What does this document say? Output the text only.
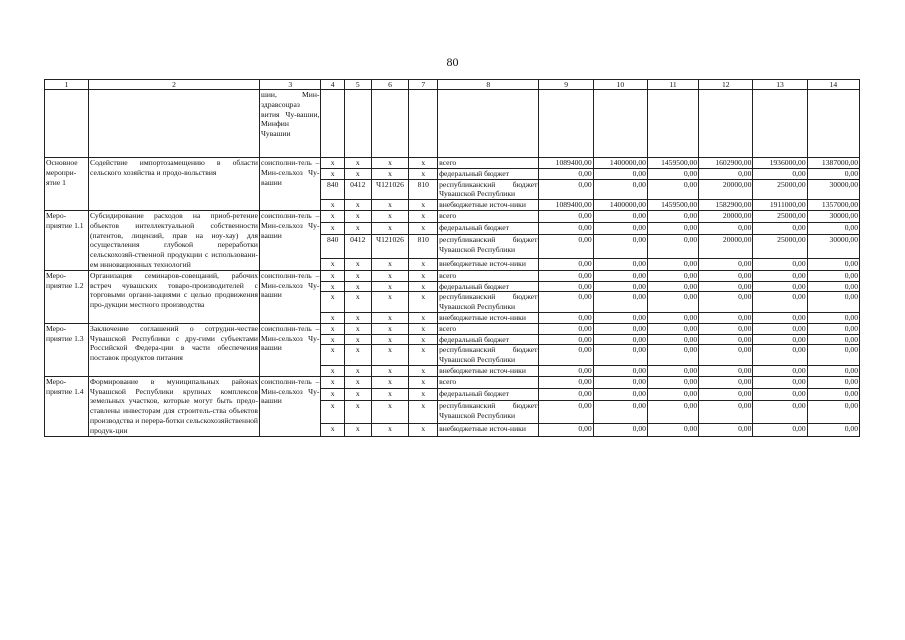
80
1	2	3	4	5	6	7	8	9	10	11	12	13	14
		шии, Мин-здравсоцраз вития Чу-вашии, Минфин Чувашии											
Основное меропри-ятие 1	Содействие импортозамещению в области сельского хозяйства и продо-вольствия	соисполни-тель – Мин-сельхоз Чу-вашии	x	x	x	x	всего	1089400,00	1400000,00	1459500,00	1602900,00	1936000,00	1387000,00
			x	x	x	x	федеральный бюджет	0,00	0,00	0,00	0,00	0,00	0,00
			840	0412	Ч121026	810	республиканский бюджет Чувашской Республики	0,00	0,00	0,00	20000,00	25000,00	30000,00
			x	x	x	x	внебюджетные источ-ники	1089400,00	1400000,00	1459500,00	1582900,00	1911000,00	1357000,00
Меро-приятие 1.1	Субсидирование расходов на приоб-ретение объектов интеллектуальной собственности (патентов, лицензий, прав на ноу-хау) для осуществления глубокой переработки сельскохозяй-ственной продукции с использовани-ем инновационных технологий	соисполни-тель – Мин-сельхоз Чу-вашии	x	x	x	x	всего	0,00	0,00	0,00	20000,00	25000,00	30000,00
			x	x	x	x	федеральный бюджет	0,00	0,00	0,00	0,00	0,00	0,00
			840	0412	Ч121026	810	республиканский бюджет Чувашской Республики	0,00	0,00	0,00	20000,00	25000,00	30000,00
			x	x	x	x	внебюджетные источ-ники	0,00	0,00	0,00	0,00	0,00	0,00
Меро-приятие 1.2	Организация семинаров-совещаний, рабочих встреч чувашских товаро-производителей с торговыми органи-зациями с целью продвижения про-дукции местного производства	соисполни-тель – Мин-сельхоз Чу-вашии	x	x	x	x	всего	0,00	0,00	0,00	0,00	0,00	0,00
			x	x	x	x	федеральный бюджет	0,00	0,00	0,00	0,00	0,00	0,00
			x	x	x	x	республиканский бюджет Чувашской Республики	0,00	0,00	0,00	0,00	0,00	0,00
			x	x	x	x	внебюджетные источ-ники	0,00	0,00	0,00	0,00	0,00	0,00
Меро-приятие 1.3	Заключение соглашений о сотрудни-честве Чувашской Республики с дру-гими субъектами Российской Федера-ции в части обеспечения поставок продуктов питания	соисполни-тель – Мин-сельхоз Чу-вашии	x	x	x	x	всего	0,00	0,00	0,00	0,00	0,00	0,00
			x	x	x	x	федеральный бюджет	0,00	0,00	0,00	0,00	0,00	0,00
			x	x	x	x	республиканский бюджет Чувашской Республики	0,00	0,00	0,00	0,00	0,00	0,00
			x	x	x	x	внебюджетные источ-ники	0,00	0,00	0,00	0,00	0,00	0,00
Меро-приятие 1.4	Формирование в муниципальных районах Чувашской Республики крупных комплексов земельных участков, которые могут быть предо-ставлены инвесторам для строитель-ства объектов производства и перера-ботки сельскохозяйственной продук-ции	соисполни-тель – Мин-сельхоз Чу-вашии	x	x	x	x	всего	0,00	0,00	0,00	0,00	0,00	0,00
			x	x	x	x	федеральный бюджет	0,00	0,00	0,00	0,00	0,00	0,00
			x	x	x	x	республиканский бюджет Чувашской Республики	0,00	0,00	0,00	0,00	0,00	0,00
			x	x	x	x	внебюджетные источ-ники	0,00	0,00	0,00	0,00	0,00	0,00
